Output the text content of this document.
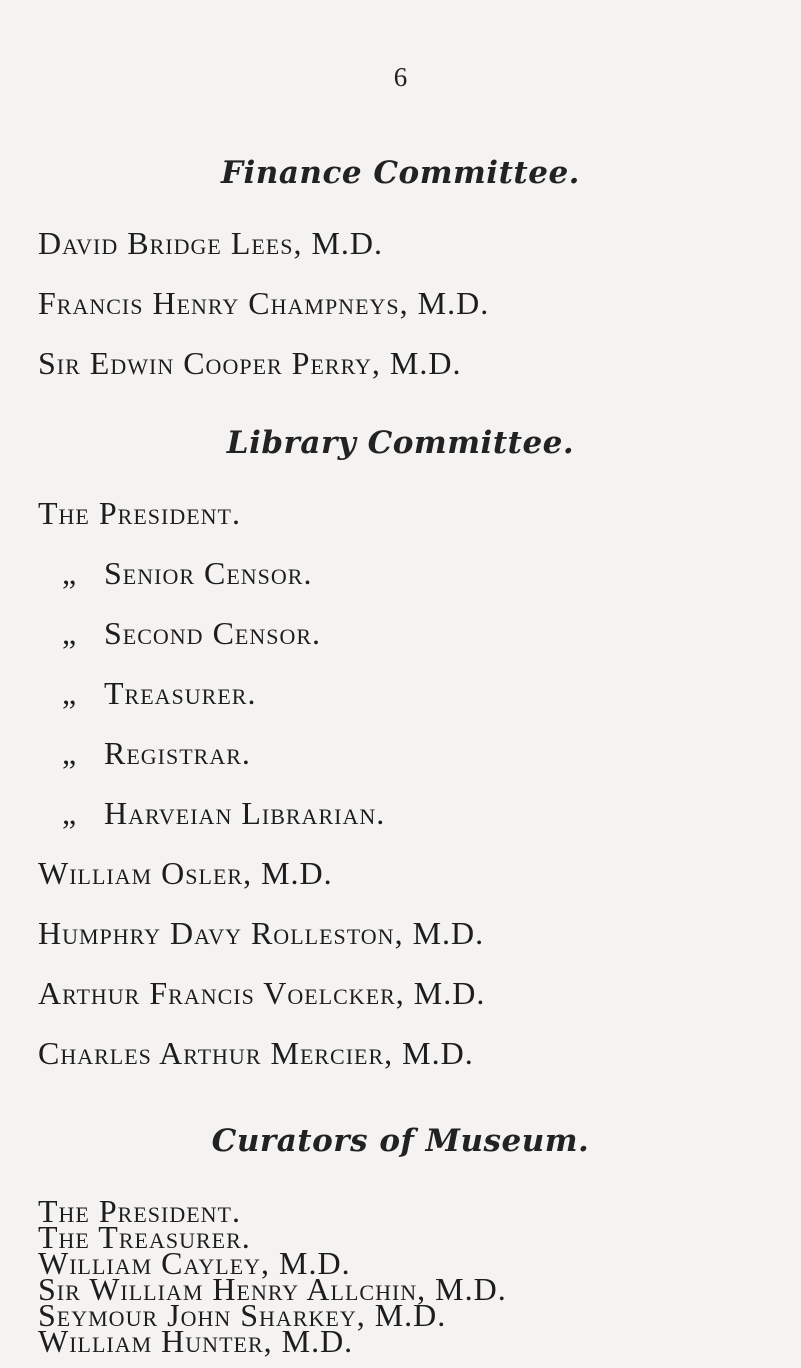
6
Finance Committee.
David Bridge Lees, M.D.
Francis Henry Champneys, M.D.
Sir Edwin Cooper Perry, M.D.
Library Committee.
The President.
„ Senior Censor.
„ Second Censor.
„ Treasurer.
„ Registrar.
„ Harveian Librarian.
William Osler, M.D.
Humphry Davy Rolleston, M.D.
Arthur Francis Voelcker, M.D.
Charles Arthur Mercier, M.D.
Curators of Museum.
The President.
The Treasurer.
William Cayley, M.D.
Sir William Henry Allchin, M.D.
Seymour John Sharkey, M.D.
William Hunter, M.D.
